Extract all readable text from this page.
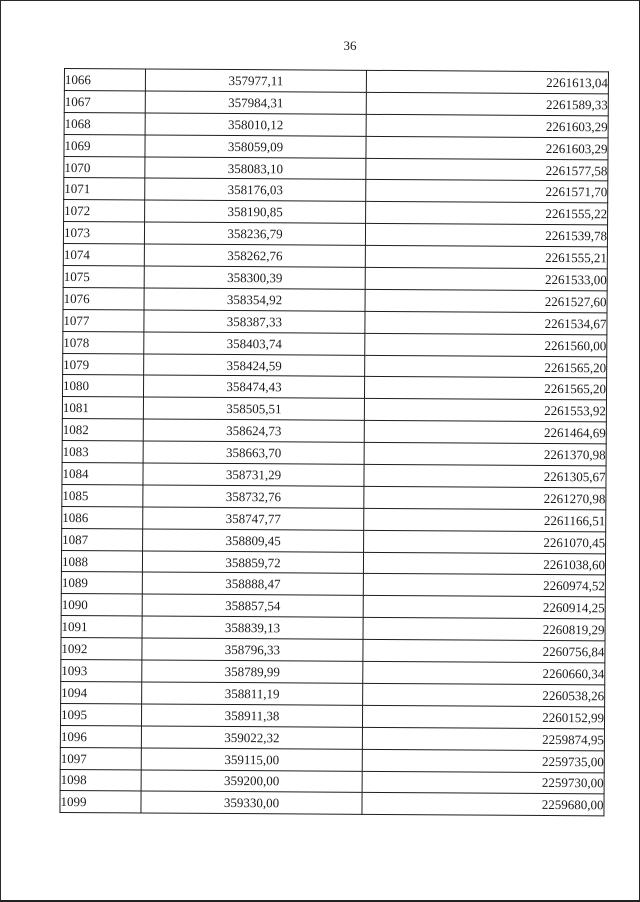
36
1066	357977,11	2261613,04
1067	357984,31	2261589,33
1068	358010,12	2261603,29
1069	358059,09	2261603,29
1070	358083,10	2261577,58
1071	358176,03	2261571,70
1072	358190,85	2261555,22
1073	358236,79	2261539,78
1074	358262,76	2261555,21
1075	358300,39	2261533,00
1076	358354,92	2261527,60
1077	358387,33	2261534,67
1078	358403,74	2261560,00
1079	358424,59	2261565,20
1080	358474,43	2261565,20
1081	358505,51	2261553,92
1082	358624,73	2261464,69
1083	358663,70	2261370,98
1084	358731,29	2261305,67
1085	358732,76	2261270,98
1086	358747,77	2261166,51
1087	358809,45	2261070,45
1088	358859,72	2261038,60
1089	358888,47	2260974,52
1090	358857,54	2260914,25
1091	358839,13	2260819,29
1092	358796,33	2260756,84
1093	358789,99	2260660,34
1094	358811,19	2260538,26
1095	358911,38	2260152,99
1096	359022,32	2259874,95
1097	359115,00	2259735,00
1098	359200,00	2259730,00
1099	359330,00	2259680,00
